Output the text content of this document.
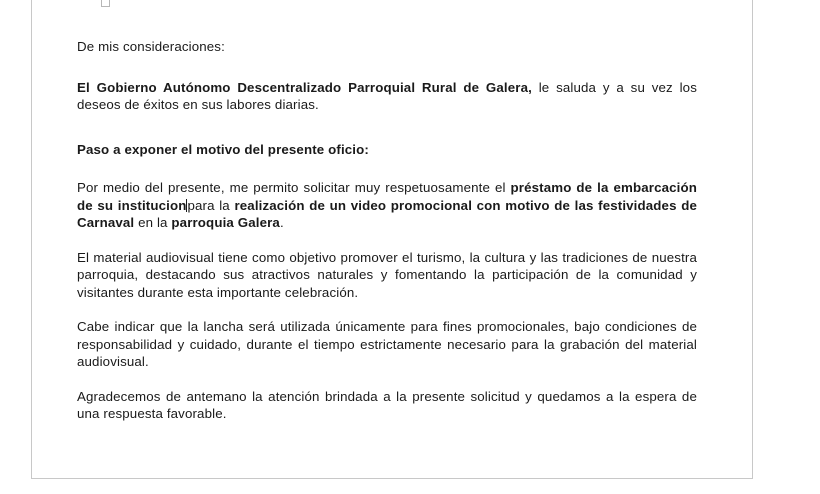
De mis consideraciones:

El Gobierno Autónomo Descentralizado Parroquial Rural de Galera, le saluda y a su vez los deseos de éxitos en sus labores diarias.

Paso a exponer el motivo del presente oficio:

Por medio del presente, me permito solicitar muy respetuosamente el préstamo de la embarcación de su institucionpara la realización de un video promocional con motivo de las festividades de Carnaval en la parroquia Galera.

El material audiovisual tiene como objetivo promover el turismo, la cultura y las tradiciones de nuestra parroquia, destacando sus atractivos naturales y fomentando la participación de la comunidad y visitantes durante esta importante celebración.

Cabe indicar que la lancha será utilizada únicamente para fines promocionales, bajo condiciones de responsabilidad y cuidado, durante el tiempo estrictamente necesario para la grabación del material audiovisual.

Agradecemos de antemano la atención brindada a la presente solicitud y quedamos a la espera de una respuesta favorable.
